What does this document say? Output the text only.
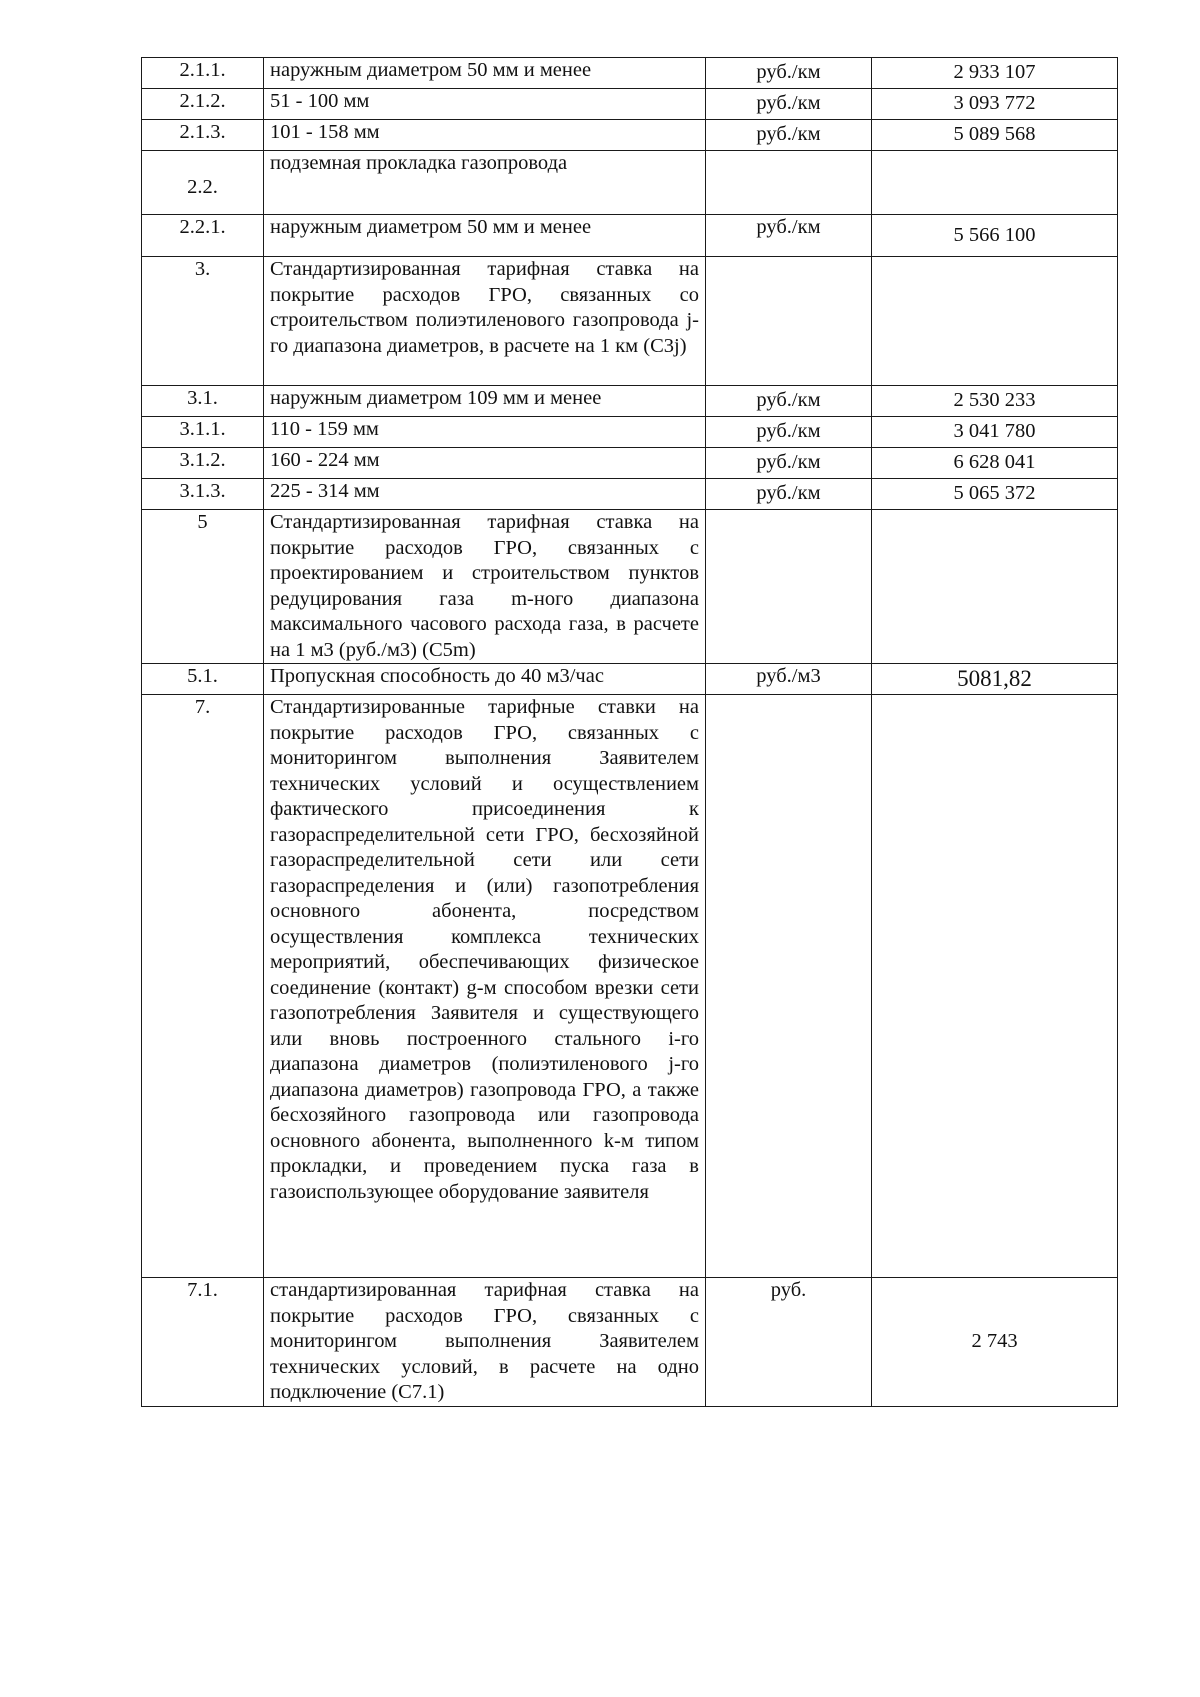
2.1.1.	наружным диаметром 50 мм и менее	руб./км	2 933 107
2.1.2.	51 - 100 мм	руб./км	3 093 772
2.1.3.	101 - 158 мм	руб./км	5 089 568
2.2.	подземная прокладка газопровода		
2.2.1.	наружным диаметром 50 мм и менее	руб./км	5 566 100
3.	Стандартизированная тарифная ставка на покрытие расходов ГРО, связанных со строительством полиэтиленового газопровода j-го диапазона диаметров, в расчете на 1 км (С3j)		
3.1.	наружным диаметром 109 мм и менее	руб./км	2 530 233
3.1.1.	110 - 159 мм	руб./км	3 041 780
3.1.2.	160 - 224 мм	руб./км	6 628 041
3.1.3.	225 - 314 мм	руб./км	5 065 372
5	Стандартизированная тарифная ставка на покрытие расходов ГРО, связанных с проектированием и строительством пунктов редуцирования газа m-ного диапазона максимального часового расхода газа, в расчете на 1 м3 (руб./м3) (С5m)		
5.1.	Пропускная способность до 40 м3/час	руб./м3	5081,82
7.	Стандартизированные тарифные ставки на покрытие расходов ГРО, связанных с мониторингом выполнения Заявителем технических условий и осуществлением фактического присоединения к газораспределительной сети ГРО, бесхозяйной газораспределительной сети или сети газораспределения и (или) газопотребления основного абонента, посредством осуществления комплекса технических мероприятий, обеспечивающих физическое соединение (контакт) g-м способом врезки сети газопотребления Заявителя и существующего или вновь построенного стального i-го диапазона диаметров (полиэтиленового j-го диапазона диаметров) газопровода ГРО, а также бесхозяйного газопровода или газопровода основного абонента, выполненного k-м типом прокладки, и проведением пуска газа в газоиспользующее оборудование заявителя		
7.1.	стандартизированная тарифная ставка на покрытие расходов ГРО, связанных с мониторингом выполнения Заявителем технических условий, в расчете на одно подключение (С7.1)	руб.	2 743
